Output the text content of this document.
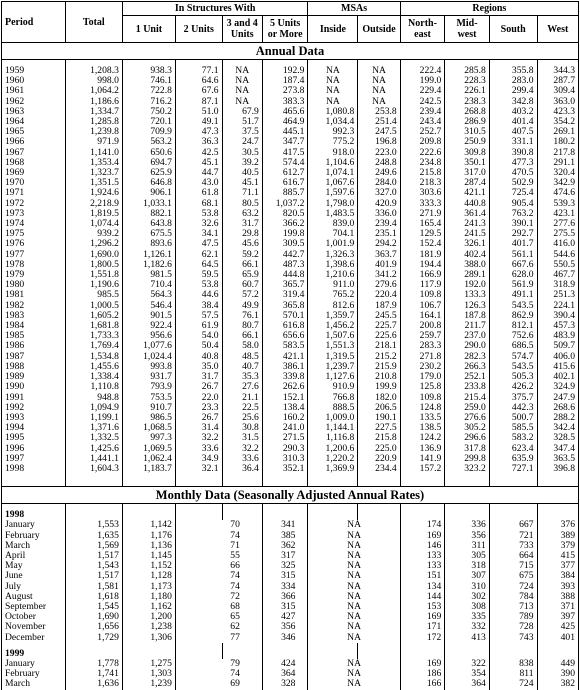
Period	Total	In Structures With				MSAs		Regions			
		1 Unit	2 Units	3 and 4 Units	5 Units or More	Inside	Outside	North-east	Mid-west	South	West
Annual Data											

1959	1,208.3	938.3	77.1	NA	192.9	NA	NA	222.4	285.8	355.8	344.3
1960	998.0	746.1	64.6	NA	187.4	NA	NA	199.0	228.3	283.0	287.7
1961	1,064.2	722.8	67.6	NA	273.8	NA	NA	229.4	226.1	299.4	309.4
1962	1,186.6	716.2	87.1	NA	383.3	NA	NA	242.5	238.3	342.8	363.0
1963	1,334.7	750.2	51.0	67.9	465.6	1,080.8	253.8	239.4	268.8	403.2	423.3
1964	1,285.8	720.1	49.1	51.7	464.9	1,034.4	251.4	243.4	286.9	401.4	354.2
1965	1,239.8	709.9	47.3	37.5	445.1	992.3	247.5	252.7	310.5	407.5	269.1
1966	971.9	563.2	36.3	24.7	347.7	775.2	196.8	209.8	250.9	331.1	180.2
1967	1,141.0	650.6	42.5	30.5	417.5	918.0	223.0	222.6	309.8	390.8	217.8
1968	1,353.4	694.7	45.1	39.2	574.4	1,104.6	248.8	234.8	350.1	477.3	291.1
1969	1,323.7	625.9	44.7	40.5	612.7	1,074.1	249.6	215.8	317.0	470.5	320.4
1970	1,351.5	646.8	43.0	45.1	616.7	1,067.6	284.0	218.3	287.4	502.9	342.9
1971	1,924.6	906.1	61.8	71.1	885.7	1,597.6	327.0	303.6	421.1	725.4	474.6
1972	2,218.9	1,033.1	68.1	80.5	1,037.2	1,798.0	420.9	333.3	440.8	905.4	539.3
1973	1,819.5	882.1	53.8	63.2	820.5	1,483.5	336.0	271.9	361.4	763.2	423.1
1974	1,074.4	643.8	32.6	31.7	366.2	839.0	239.4	165.4	241.3	390.1	277.6
1975	939.2	675.5	34.1	29.8	199.8	704.1	235.1	129.5	241.5	292.7	275.5
1976	1,296.2	893.6	47.5	45.6	309.5	1,001.9	294.2	152.4	326.1	401.7	416.0
1977	1,690.0	1,126.1	62.1	59.2	442.7	1,326.3	363.7	181.9	402.4	561.1	544.6
1978	1,800.5	1,182.6	64.5	66.1	487.3	1,398.6	401.9	194.4	388.0	667.6	550.5
1979	1,551.8	981.5	59.5	65.9	444.8	1,210.6	341.2	166.9	289.1	628.0	467.7
1980	1,190.6	710.4	53.8	60.7	365.7	911.0	279.6	117.9	192.0	561.9	318.9
1981	985.5	564.3	44.6	57.2	319.4	765.2	220.4	109.8	133.3	491.1	251.3
1982	1,000.5	546.4	38.4	49.9	365.8	812.6	187.9	106.7	126.3	543.5	224.1
1983	1,605.2	901.5	57.5	76.1	570.1	1,359.7	245.5	164.1	187.8	862.9	390.4
1984	1,681.8	922.4	61.9	80.7	616.8	1,456.2	225.7	200.8	211.7	812.1	457.3
1985	1,733.3	956.6	54.0	66.1	656.6	1,507.6	225.6	259.7	237.0	752.6	483.9
1986	1,769.4	1,077.6	50.4	58.0	583.5	1,551.3	218.1	283.3	290.0	686.5	509.7
1987	1,534.8	1,024.4	40.8	48.5	421.1	1,319.5	215.2	271.8	282.3	574.7	406.0
1988	1,455.6	993.8	35.0	40.7	386.1	1,239.7	215.9	230.2	266.3	543.5	415.6
1989	1,338.4	931.7	31.7	35.3	339.8	1,127.6	210.8	179.0	252.1	505.3	402.1
1990	1,110.8	793.9	26.7	27.6	262.6	910.9	199.9	125.8	233.8	426.2	324.9
1991	948.8	753.5	22.0	21.1	152.1	766.8	182.0	109.8	215.4	375.7	247.9
1992	1,094.9	910.7	23.3	22.5	138.4	888.5	206.5	124.8	259.0	442.3	268.6
1993	1,199.1	986.5	26.7	25.6	160.2	1,009.0	190.1	133.5	276.6	500.7	288.2
1994	1,371.6	1,068.5	31.4	30.8	241.0	1,144.1	227.5	138.5	305.2	585.5	342.4
1995	1,332.5	997.3	32.2	31.5	271.5	1,116.8	215.8	124.2	296.6	583.2	328.5
1996	1,425.6	1,069.5	33.6	32.2	290.3	1,200.6	225.0	136.9	317.8	623.4	347.4
1997	1,441.1	1,062.4	34.9	33.6	310.3	1,220.2	220.9	141.9	299.8	635.9	363.5
1998	1,604.3	1,183.7	32.1	36.4	352.1	1,369.9	234.4	157.2	323.2	727.1	396.8

Monthly Data (Seasonally Adjusted Annual Rates)											

1998											
January	1,553	1,142	70		341	NA		174	336	667	376
February	1,635	1,176	74		385	NA		169	356	721	389
March	1,569	1,136	71		362	NA		146	311	733	379
April	1,517	1,145	55		317	NA		133	305	664	415
May	1,543	1,152	66		325	NA		133	318	715	377
June	1,517	1,128	74		315	NA		151	307	675	384
July	1,581	1,173	74		334	NA		134	310	724	393
August	1,618	1,180	72		366	NA		144	302	784	388
September	1,545	1,162	68		315	NA		153	308	713	371
October	1,690	1,200	65		427	NA		169	335	789	397
November	1,656	1,238	62		356	NA		171	332	728	425
December	1,729	1,306	77		346	NA		172	413	743	401

1999											
January	1,778	1,275	79		424	NA		169	322	838	449
February	1,741	1,303	74		364	NA		186	354	811	390
March	1,636	1,239	69		328	NA		166	364	724	382
